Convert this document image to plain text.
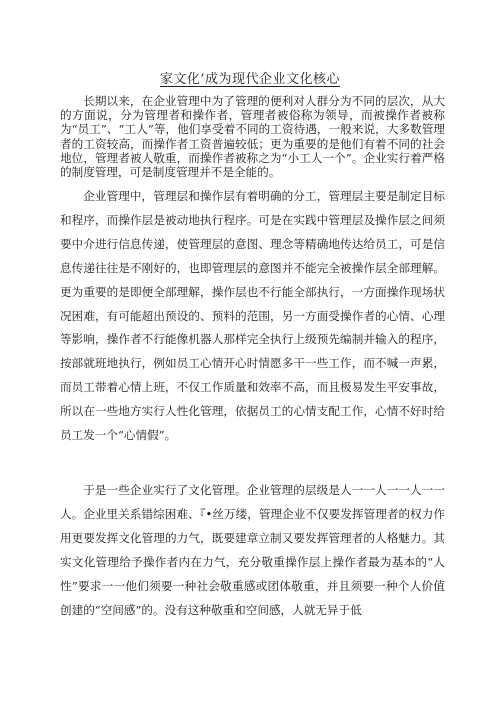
家文化’成为现代企业文化核心

长期以来，在企业管理中为了管理的便利对人群分为不同的层次，从大的方面说，分为管理者和操作者，管理者被俗称为领导，而被操作者被称为“员工”、“工人”等，他们享受着不同的工资待遇，一般来说，大多数管理者的工资较高，而操作者工资普遍较低；更为重要的是他们有着不同的社会地位，管理者被人敬重，而操作者被称之为“小工人一个”。企业实行着严格的制度管理，可是制度管理并不是全能的。

企业管理中，管理层和操作层有着明确的分工，管理层主要是制定目标和程序，而操作层是被动地执行程序。可是在实践中管理层及操作层之间须要中介进行信息传递，使管理层的意图、理念等精确地传达给员工，可是信息传递往往是不刚好的，也即管理层的意图并不能完全被操作层全部理解。更为重要的是即便全部理解，操作层也不行能全部执行，一方面操作现场状况困难，有可能超出预设的、预料的范围，另一方面受操作者的心情、心理等影响，操作者不行能像机器人那样完全执行上级预先编制并输入的程序，按部就班地执行，例如员工心情开心时情愿多干一些工作，而不喊一声累，而员工带着心情上班，不仅工作质量和效率不高，而且极易发生平安事故，所以在一些地方实行人性化管理，依据员工的心情支配工作，心情不好时给员工发一个“心情假”。

于是一些企业实行了文化管理。企业管理的层级是人一一人一一人一一人。企业里关系错综困难、『•丝万缕，管理企业不仅要发挥管理者的权力作用更要发挥文化管理的力气，既要建章立制又要发挥管理者的人格魅力。其实文化管理给予操作者内在力气，充分敬重操作层上操作者最为基本的“人性”要求一一他们须要一种社会敬重感或团体敬重，并且须要一种个人价值创建的“空间感”的。没有这种敬重和空间感，人就无异于低
